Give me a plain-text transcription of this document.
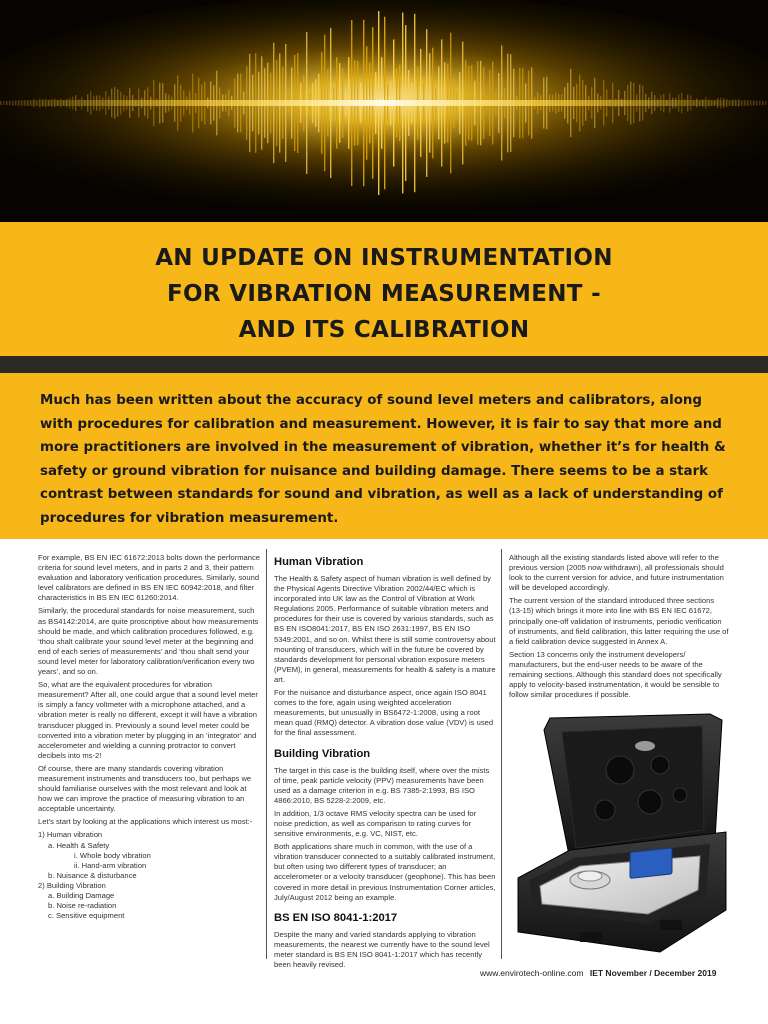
AN UPDATE ON INSTRUMENTATION
FOR VIBRATION MEASUREMENT -
AND ITS CALIBRATION

Much has been written about the accuracy of sound level meters and calibrators, along with procedures for calibration and measurement. However, it is fair to say that more and more practitioners are involved in the measurement of vibration, whether it’s for health & safety or ground vibration for nuisance and building damage. There seems to be a stark contrast between standards for sound and vibration, as well as a lack of understanding of procedures for vibration measurement.

For example, BS EN IEC 61672:2013 bolts down the performance criteria for sound level meters, and in parts 2 and 3, their pattern evaluation and laboratory verification procedures. Similarly, sound level calibrators are defined in BS EN IEC 60942:2018, and filter characteristics in BS EN IEC 61260:2014.

Similarly, the procedural standards for noise measurement, such as BS4142:2014, are quite proscriptive about how measurements should be made, and which calibration procedures followed, e.g. ‘thou shalt calibrate your sound level meter at the beginning and end of each series of measurements’ and ‘thou shalt send your sound level meter for laboratory calibration/verification every two years’, and so on.

So, what are the equivalent procedures for vibration measurement? After all, one could argue that a sound level meter is simply a fancy voltmeter with a microphone attached, and a vibration meter is really no different, except it will have a vibration transducer plugged in. Previously a sound level meter could be converted into a vibration meter by plugging in an ‘integrator’ and accelerometer and wielding a cunning protractor to convert decibels into ms-2!

Of course, there are many standards covering vibration measurement instruments and transducers too, but perhaps we should familiarise ourselves with the most relevant and look at how we can improve the practice of measuring vibration to an acceptable uncertainty.

Let’s start by looking at the applications which interest us most:-

1) Human vibration
a. Health & Safety
i. Whole body vibration
ii. Hand-arm vibration
b. Nuisance & disturbance
2) Building Vibration
a. Building Damage
b. Noise re-radiation
c. Sensitive equipment
Human Vibration

The Health & Safety aspect of human vibration is well defined by the Physical Agents Directive Vibration 2002/44/EC which is incorporated into UK law as the Control of Vibration at Work Regulations 2005. Performance of suitable vibration meters and procedures for their use is covered by various standards, such as BS EN ISO8041:2017, BS EN ISO 2631:1997, BS EN ISO 5349:2001, and so on. Whilst there is still some controversy about mounting of transducers, which will in the future be covered by standards development for personal vibration exposure meters (PVEM), in general, measurements for health & safety is a mature art.

For the nuisance and disturbance aspect, once again ISO 8041 comes to the fore, again using weighted acceleration measurements, but unusually in BS6472-1:2008, using a root mean quad (RMQ) detector. A vibration dose value (VDV) is used for the final assessment.

Building Vibration

The target in this case is the building itself, where over the mists of time, peak particle velocity (PPV) measurements have been used as a damage criterion in e.g. BS 7385-2:1993, BS ISO 4866:2010, BS 5228-2:2009, etc.

In addition, 1/3 octave RMS velocity spectra can be used for noise prediction, as well as comparison to rating curves for sensitive environments, e.g. VC, NIST, etc.

Both applications share much in common, with the use of a vibration transducer connected to a suitably calibrated instrument, but often using two different types of transducer; an accelerometer or a velocity transducer (geophone). This has been covered in more detail in previous Instrumentation Corner articles, July/August 2012 being an example.

BS EN ISO 8041-1:2017

Despite the many and varied standards applying to vibration measurements, the nearest we currently have to the sound level meter standard is BS EN ISO 8041-1:2017 which has recently been heavily revised.

Although all the existing standards listed above will refer to the previous version (2005 now withdrawn), all professionals should look to the current version for advice, and future instrumentation will be developed accordingly.

The current version of the standard introduced three sections (13-15) which brings it more into line with BS EN IEC 61672, principally one-off validation of instruments, periodic verification of instruments, and field calibration, this latter requiring the use of a field calibration device suggested in Annex A.

Section 13 concerns only the instrument developers/ manufacturers, but the end-user needs to be aware of the remaining sections. Although this standard does not specifically apply to velocity-based instrumentation, it would be sensible to follow similar procedures if possible.

www.envirotech-online.com IET November / December 2019
